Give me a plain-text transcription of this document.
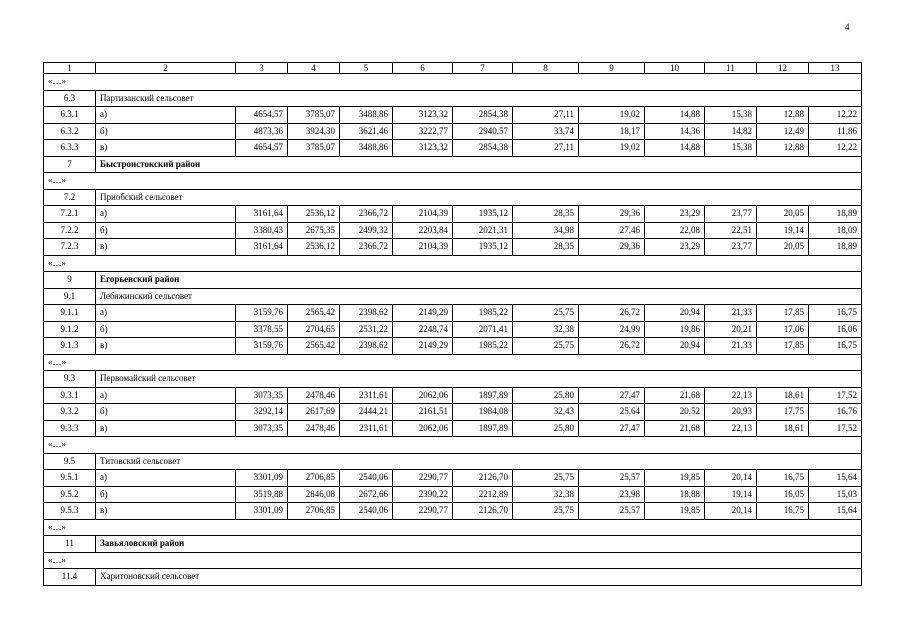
4
1	2	3	4	5	6	7	8	9	10	11	12	13
«…»												
6.3	Партизанский сельсовет											
6.3.1	а)	4654,57	3785,07	3488,86	3123,32	2854,38	27,11	19,02	14,88	15,38	12,88	12,22
6.3.2	б)	4873,36	3924,30	3621,46	3222,77	2940,57	33,74	18,17	14,36	14,82	12,49	11,86
6.3.3	в)	4654,57	3785,07	3488,86	3123,32	2854,38	27,11	19,02	14,88	15,38	12,88	12,22
7	Быстроистокский район											
«…»												
7.2	Приобский сельсовет											
7.2.1	а)	3161,64	2536,12	2366,72	2104,39	1935,12	28,35	29,36	23,29	23,77	20,05	18,89
7.2.2	б)	3380,43	2675,35	2499,32	2203,84	2021,31	34,98	27,46	22,08	22,51	19,14	18,09
7.2.3	в)	3161,64	2536,12	2366,72	2104,39	1935,12	28,35	29,36	23,29	23,77	20,05	18,89
«…»												
9	Егорьевский район											
9.1	Лебяжинский сельсовет											
9.1.1	а)	3159,76	2565,42	2398,62	2149,29	1985,22	25,75	26,72	20,94	21,33	17,85	16,75
9.1.2	б)	3378,55	2704,65	2531,22	2248,74	2071,41	32,38	24,99	19,86	20,21	17,06	16,06
9.1.3	в)	3159,76	2565,42	2398,62	2149,29	1985,22	25,75	26,72	20,94	21,33	17,85	16,75
«…»												
9.3	Первомайский сельсовет											
9.3.1	а)	3073,35	2478,46	2311,61	2062,06	1897,89	25,80	27,47	21,68	22,13	18,61	17,52
9.3.2	б)	3292,14	2617,69	2444,21	2161,51	1984,08	32,43	25,64	20,52	20,93	17,75	16,76
9.3.3	в)	3073,35	2478,46	2311,61	2062,06	1897,89	25,80	27,47	21,68	22,13	18,61	17,52
«…»												
9.5	Титовский сельсовет											
9.5.1	а)	3301,09	2706,85	2540,06	2290,77	2126,70	25,75	25,57	19,85	20,14	16,75	15,64
9.5.2	б)	3519,88	2846,08	2672,66	2390,22	2212,89	32,38	23,98	18,88	19,14	16,05	15,03
9.5.3	в)	3301,09	2706,85	2540,06	2290,77	2126,70	25,75	25,57	19,85	20,14	16,75	15,64
«…»												
11	Завьяловский район											
«…»												
11.4	Харитоновский сельсовет											
